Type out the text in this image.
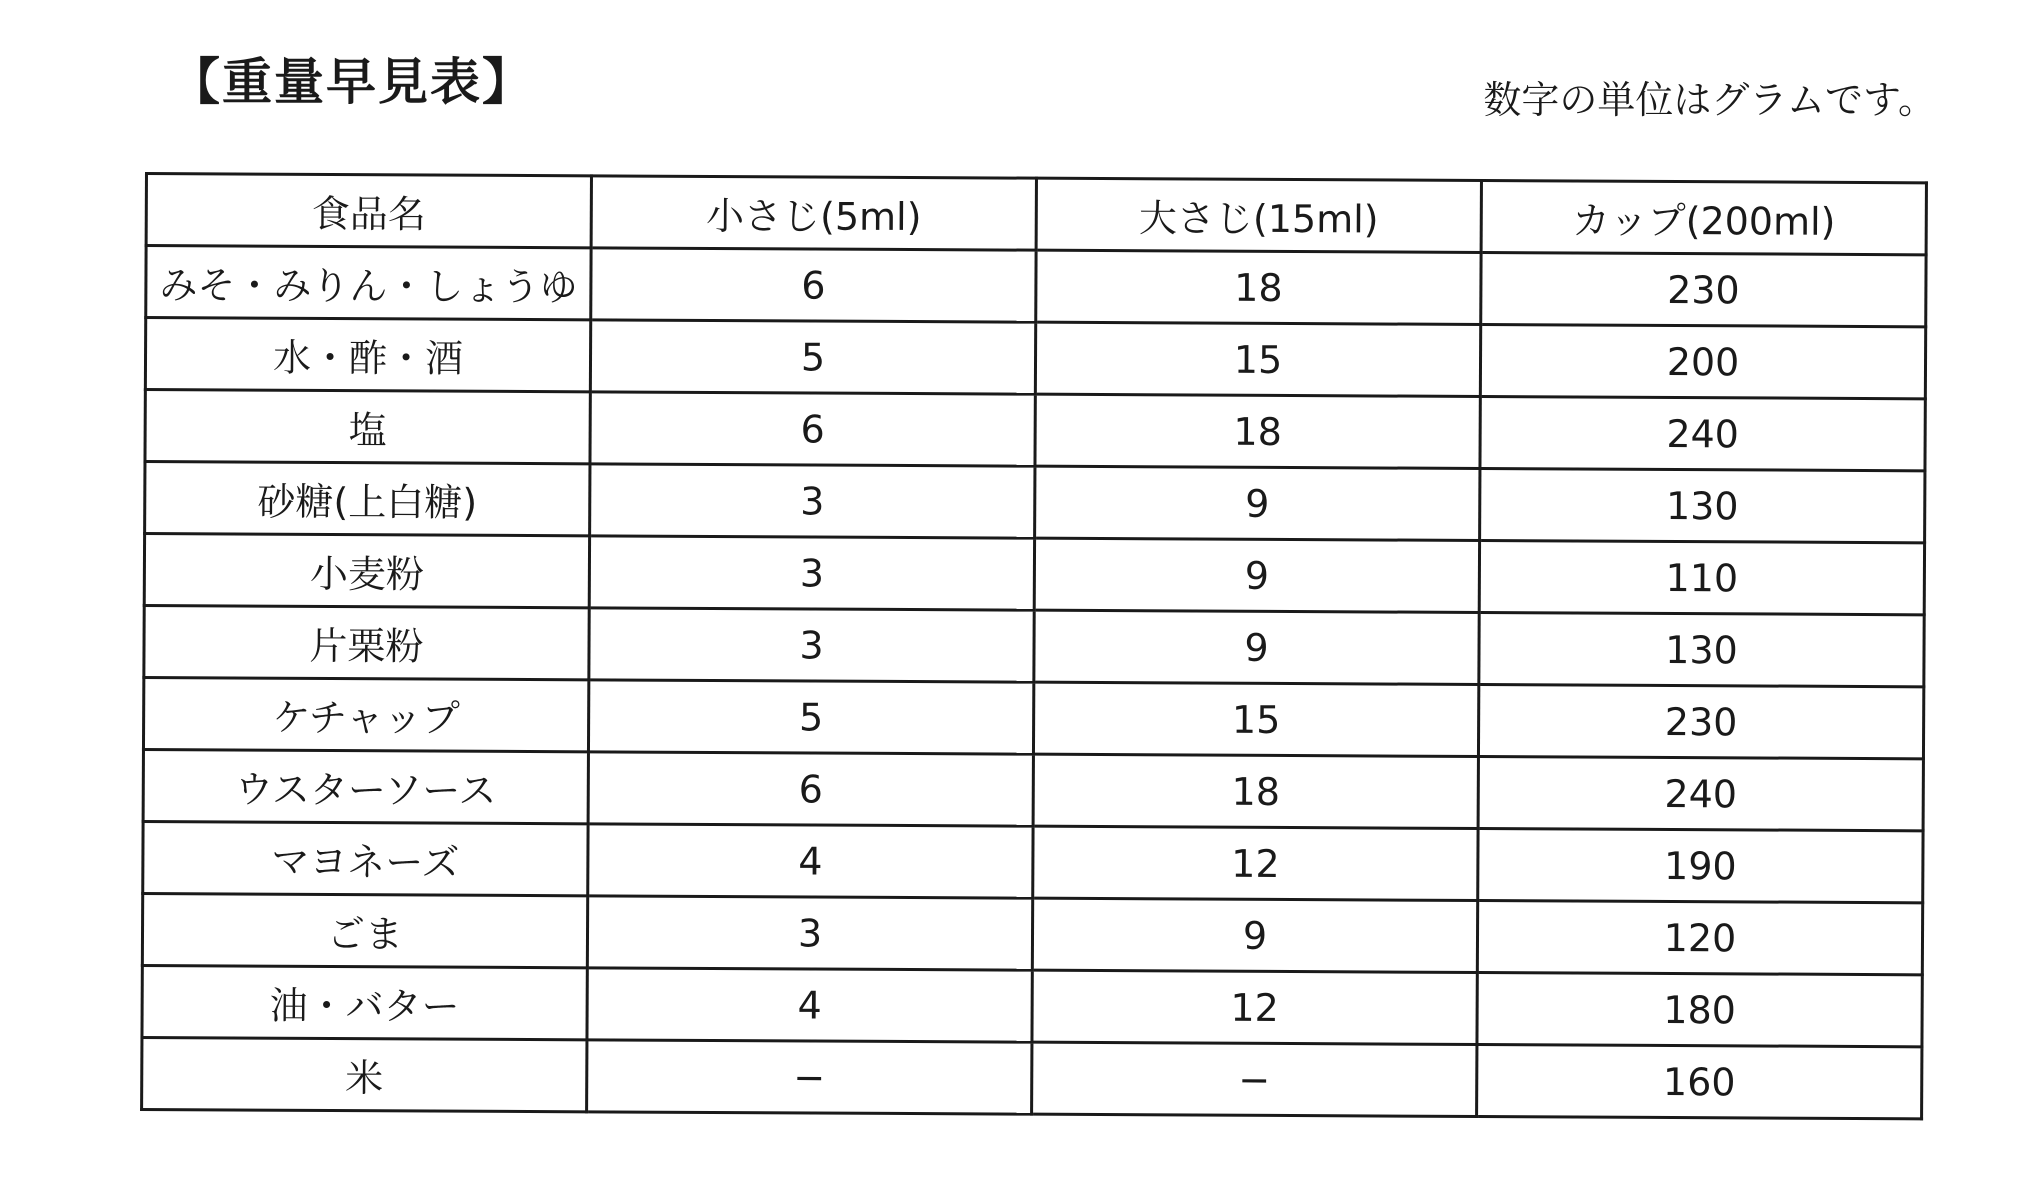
【重量早見表】	数字の単位はグラムです。
食品名	小さじ(5ml)	大さじ(15ml)	カップ(200ml)
みそ・みりん・しょうゆ	6	18	230
水・酢・酒	5	15	200
塩	6	18	240
砂糖(上白糖)	3	9	130
小麦粉	3	9	110
片栗粉	3	9	130
ケチャップ	5	15	230
ウスターソース	6	18	240
マヨネーズ	4	12	190
ごま	3	9	120
油・バター	4	12	180
米	−	−	160
